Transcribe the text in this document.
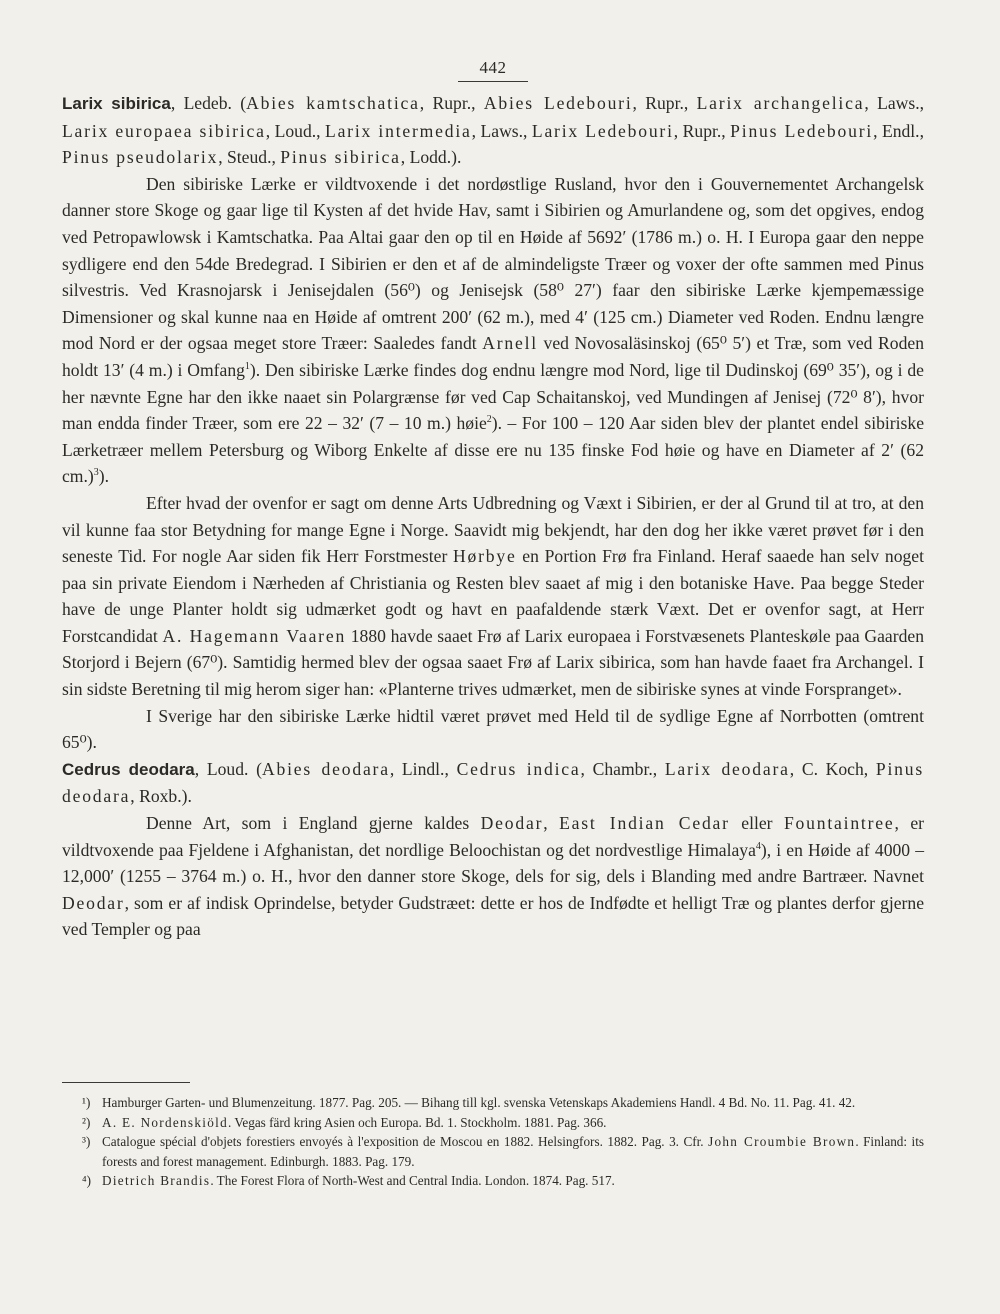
442

Larix sibirica, Ledeb. (Abies kamtschatica, Rupr., Abies Ledebouri, Rupr., Larix archangelica, Laws., Larix europaea sibirica, Loud., Larix intermedia, Laws., Larix Ledebouri, Rupr., Pinus Ledebouri, Endl., Pinus pseudolarix, Steud., Pinus sibirica, Lodd.).

Den sibiriske Lærke er vildtvoxende i det nordøstlige Rusland, hvor den i Gouvernementet Archangelsk danner store Skoge og gaar lige til Kysten af det hvide Hav, samt i Sibirien og Amurlandene og, som det opgives, endog ved Petropawlowsk i Kamtschatka. Paa Altai gaar den op til en Høide af 5692′ (1786 m.) o. H. I Europa gaar den neppe sydligere end den 54de Bredegrad. I Sibirien er den et af de almindeligste Træer og voxer der ofte sammen med Pinus silvestris. Ved Krasnojarsk i Jenisejdalen (56⁰) og Jenisejsk (58⁰ 27′) faar den sibiriske Lærke kjempemæssige Dimensioner og skal kunne naa en Høide af omtrent 200′ (62 m.), med 4′ (125 cm.) Diameter ved Roden. Endnu længre mod Nord er der ogsaa meget store Træer: Saaledes fandt Arnell ved Novosaläsinskoj (65⁰ 5′) et Træ, som ved Roden holdt 13′ (4 m.) i Omfang$^1$). Den sibiriske Lærke findes dog endnu længre mod Nord, lige til Dudinskoj (69⁰ 35′), og i de her nævnte Egne har den ikke naaet sin Polargrænse før ved Cap Schaitanskoj, ved Mundingen af Jenisej (72⁰ 8′), hvor man endda finder Træer, som ere 22 – 32′ (7 – 10 m.) høie$^2$). – For 100 – 120 Aar siden blev der plantet endel sibiriske Lærketræer mellem Petersburg og Wiborg Enkelte af disse ere nu 135 finske Fod høie og have en Diameter af 2′ (62 cm.)$^3$).

Efter hvad der ovenfor er sagt om denne Arts Udbredning og Væxt i Sibirien, er der al Grund til at tro, at den vil kunne faa stor Betydning for mange Egne i Norge. Saavidt mig bekjendt, har den dog her ikke været prøvet før i den seneste Tid. For nogle Aar siden fik Herr Forstmester Hørbye en Portion Frø fra Finland. Heraf saaede han selv noget paa sin private Eiendom i Nærheden af Christiania og Resten blev saaet af mig i den botaniske Have. Paa begge Steder have de unge Planter holdt sig udmærket godt og havt en paafaldende stærk Væxt. Det er ovenfor sagt, at Herr Forstcandidat A. Hagemann Vaaren 1880 havde saaet Frø af Larix europaea i Forstvæsenets Planteskøle paa Gaarden Storjord i Bejern (67⁰). Samtidig hermed blev der ogsaa saaet Frø af Larix sibirica, som han havde faaet fra Archangel. I sin sidste Beretning til mig herom siger han: «Planterne trives udmærket, men de sibiriske synes at vinde Forspranget».

I Sverige har den sibiriske Lærke hidtil været prøvet med Held til de sydlige Egne af Norrbotten (omtrent 65⁰).

Cedrus deodara, Loud. (Abies deodara, Lindl., Cedrus indica, Chambr., Larix deodara, C. Koch, Pinus deodara, Roxb.).

Denne Art, som i England gjerne kaldes Deodar, East Indian Cedar eller Fountaintree, er vildtvoxende paa Fjeldene i Afghanistan, det nordlige Beloochistan og det nordvestlige Himalaya$^4$), i en Høide af 4000 – 12,000′ (1255 – 3764 m.) o. H., hvor den danner store Skoge, dels for sig, dels i Blanding med andre Bartræer. Navnet Deodar, som er af indisk Oprindelse, betyder Gudstræet: dette er hos de Indfødte et helligt Træ og plantes derfor gjerne ved Templer og paa

¹) Hamburger Garten- und Blumenzeitung. 1877. Pag. 205. — Bihang till kgl. svenska Vetenskaps Akademiens Handl. 4 Bd. No. 11. Pag. 41. 42.
²) A. E. Nordenskiöld. Vegas färd kring Asien och Europa. Bd. 1. Stockholm. 1881. Pag. 366.
³) Catalogue spécial d'objets forestiers envoyés à l'exposition de Moscou en 1882. Helsingfors. 1882. Pag. 3. Cfr. John Croumbie Brown. Finland: its forests and forest management. Edinburgh. 1883. Pag. 179.
⁴) Dietrich Brandis. The Forest Flora of North-West and Central India. London. 1874. Pag. 517.
